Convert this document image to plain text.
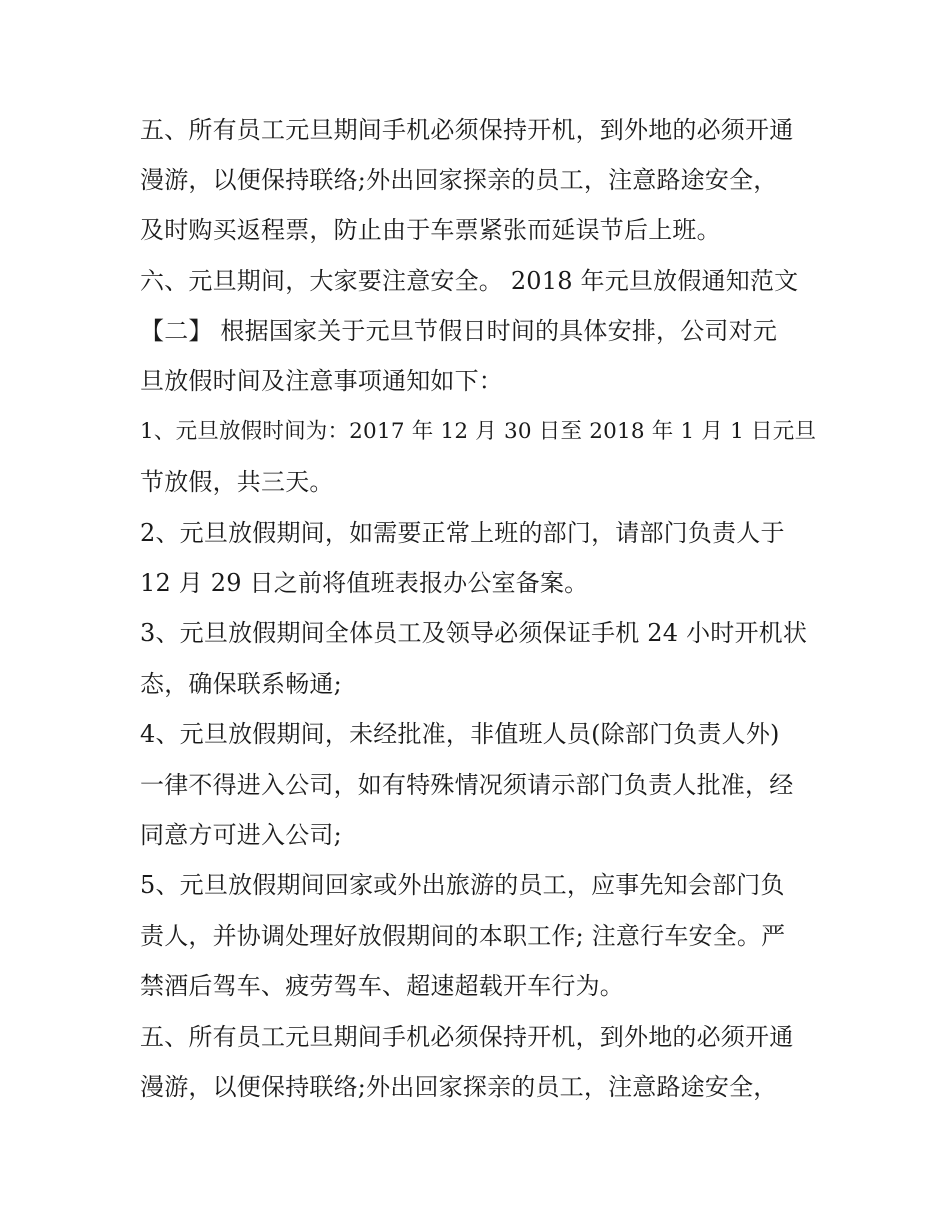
五、所有员工元旦期间手机必须保持开机，到外地的必须开通
漫游，以便保持联络;外出回家探亲的员工，注意路途安全，
及时购买返程票，防止由于车票紧张而延误节后上班。
六、元旦期间，大家要注意安全。 2018 年元旦放假通知范文
【二】 根据国家关于元旦节假日时间的具体安排，公司对元
旦放假时间及注意事项通知如下：
1、元旦放假时间为：2017 年 12 月 30 日至 2018 年 1 月 1 日元旦
节放假，共三天。
2、元旦放假期间，如需要正常上班的部门，请部门负责人于
12 月 29 日之前将值班表报办公室备案。
3、元旦放假期间全体员工及领导必须保证手机 24 小时开机状
态，确保联系畅通;
4、元旦放假期间，未经批准，非值班人员(除部门负责人外)
一律不得进入公司，如有特殊情况须请示部门负责人批准，经
同意方可进入公司;
5、元旦放假期间回家或外出旅游的员工，应事先知会部门负
责人，并协调处理好放假期间的本职工作; 注意行车安全。严
禁酒后驾车、疲劳驾车、超速超载开车行为。
五、所有员工元旦期间手机必须保持开机，到外地的必须开通
漫游，以便保持联络;外出回家探亲的员工，注意路途安全，
